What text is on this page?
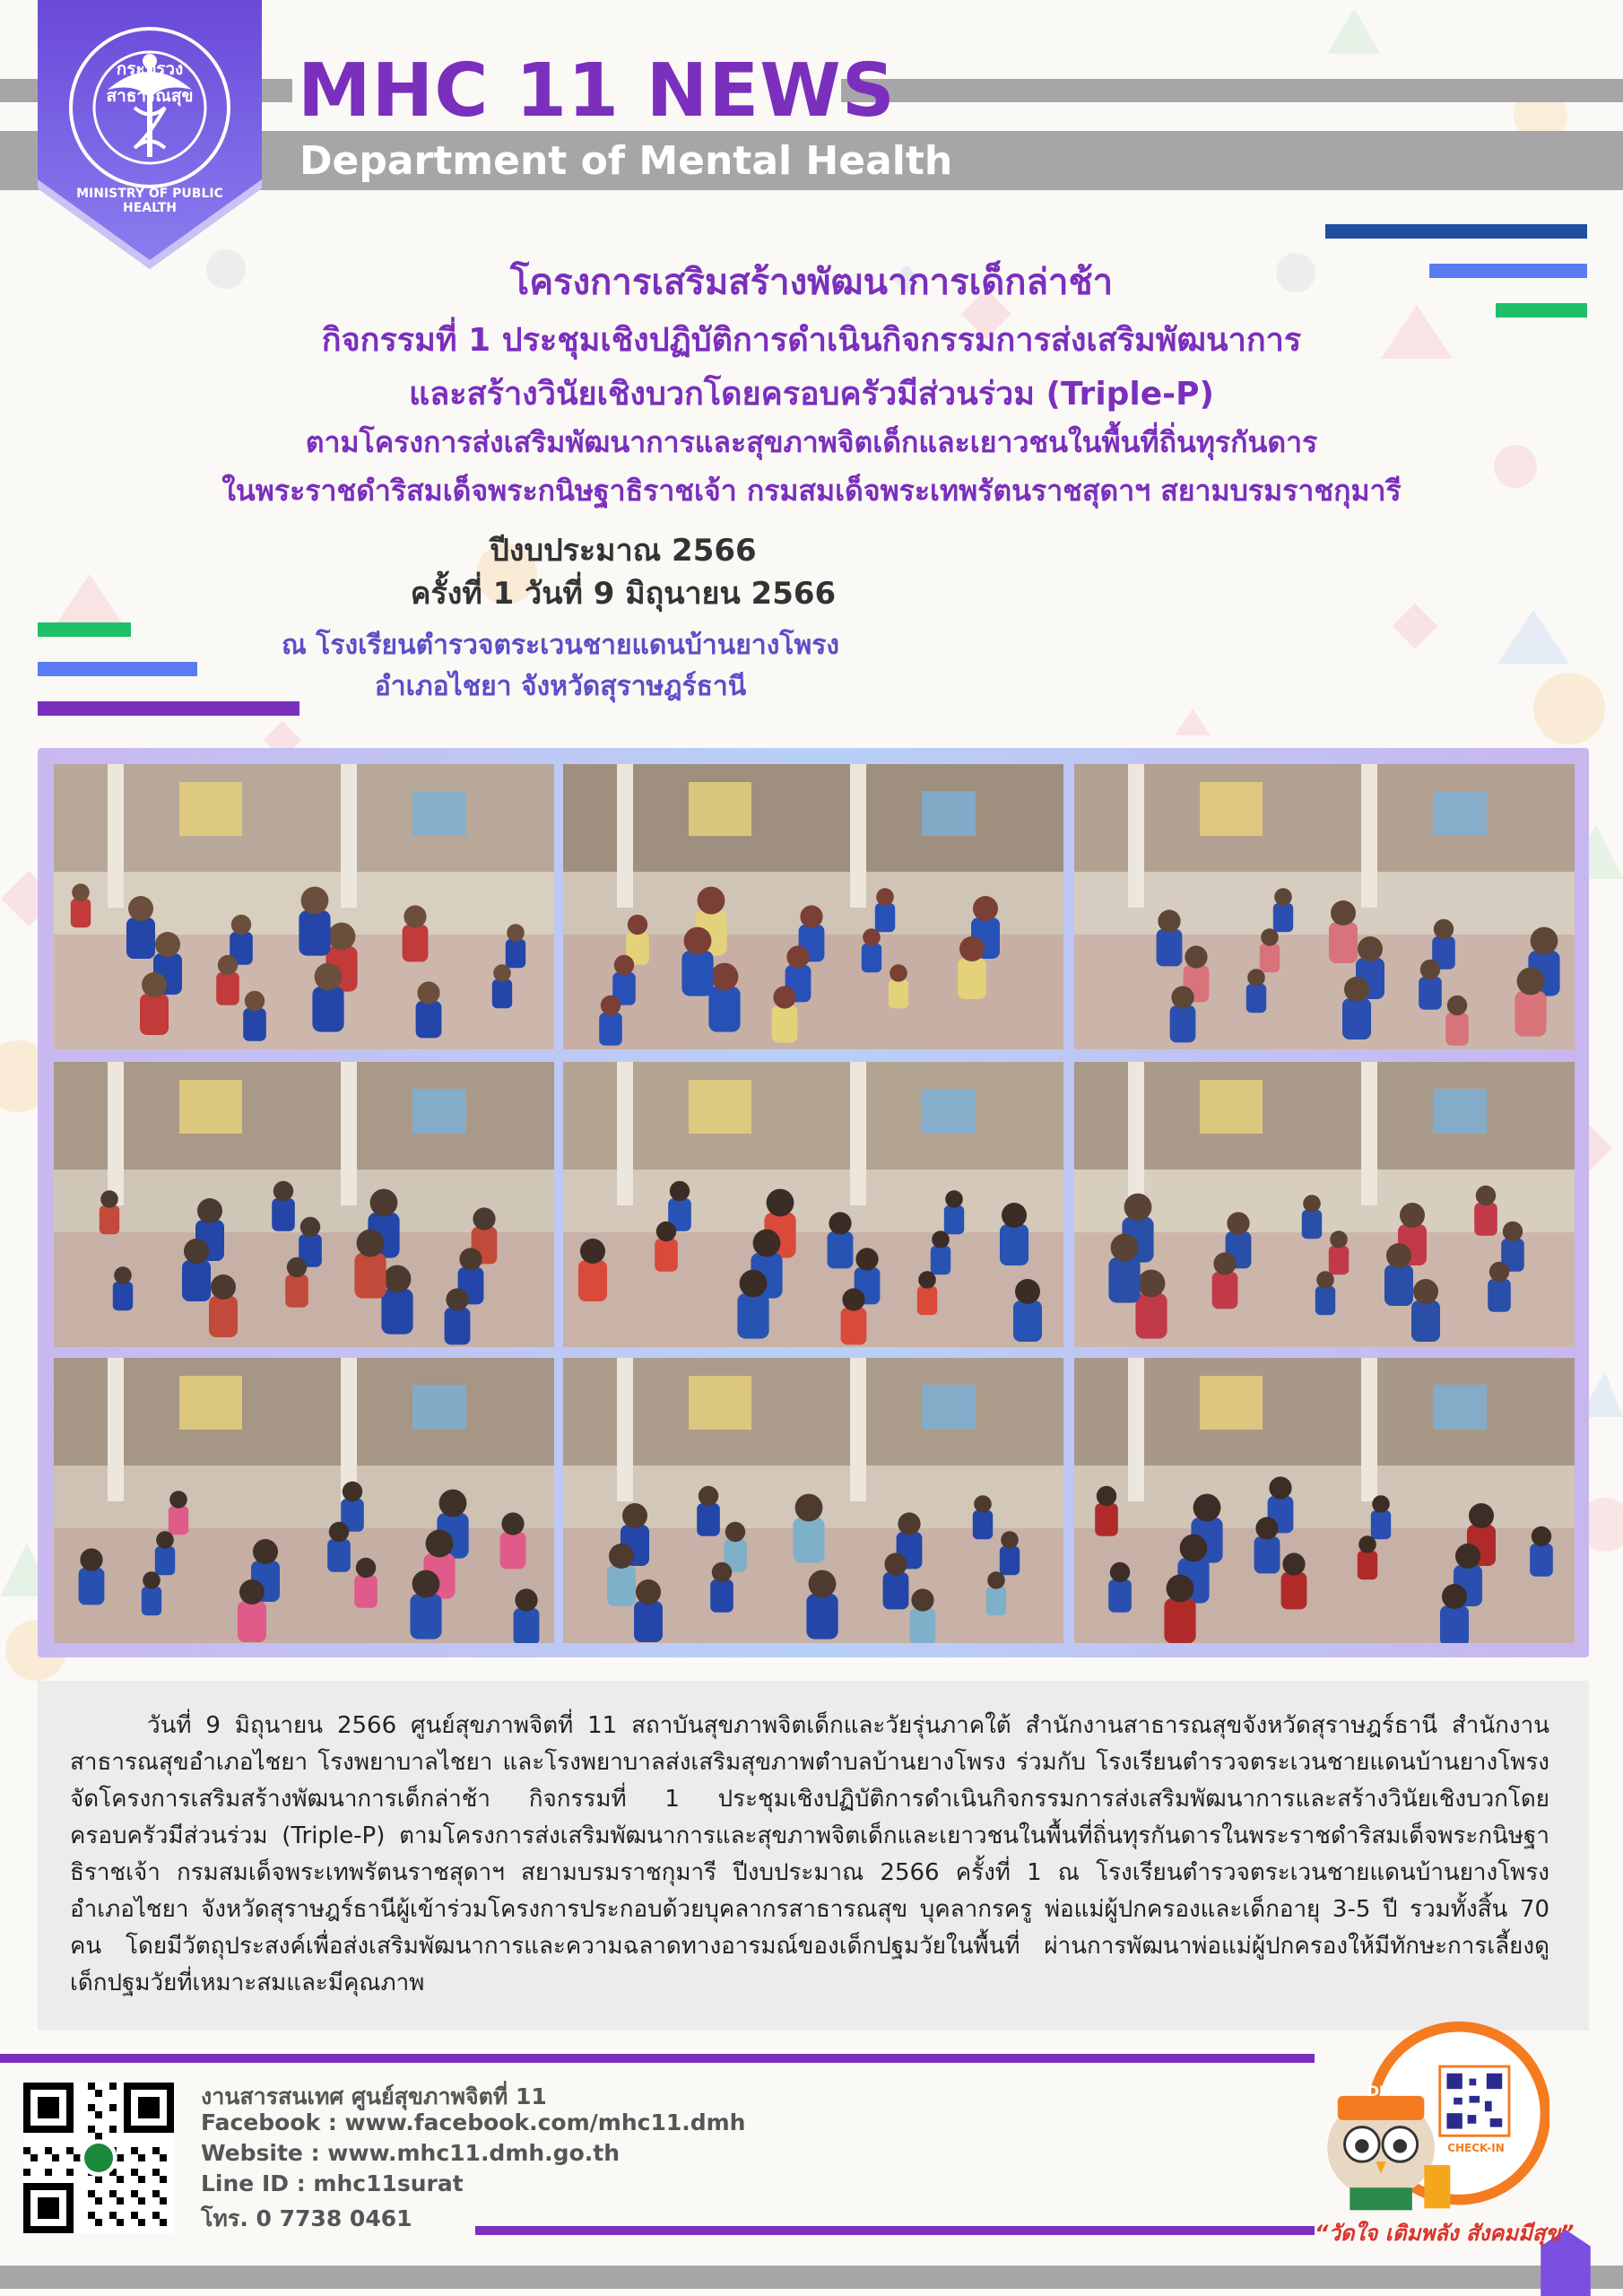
กระทรวงสาธารณสุข
MINISTRY OF PUBLIC HEALTH
MHC 11 NEWS
Department of Mental Health
โครงการเสริมสร้างพัฒนาการเด็กล่าช้า
กิจกรรมที่ 1 ประชุมเชิงปฏิบัติการดำเนินกิจกรรมการส่งเสริมพัฒนาการ
และสร้างวินัยเชิงบวกโดยครอบครัวมีส่วนร่วม (Triple-P)
ตามโครงการส่งเสริมพัฒนาการและสุขภาพจิตเด็กและเยาวชนในพื้นที่ถิ่นทุรกันดาร
ในพระราชดำริสมเด็จพระกนิษฐาธิราชเจ้า กรมสมเด็จพระเทพรัตนราชสุดาฯ สยามบรมราชกุมารี
ปีงบประมาณ 2566
ครั้งที่ 1 วันที่ 9 มิถุนายน 2566
ณ โรงเรียนตำรวจตระเวนชายแดนบ้านยางโพรง
อำเภอไชยา จังหวัดสุราษฎร์ธานี
วันที่ 9 มิถุนายน 2566 ศูนย์สุขภาพจิตที่ 11 สถาบันสุขภาพจิตเด็กและวัยรุ่นภาคใต้ สำนักงานสาธารณสุขจังหวัดสุราษฎร์ธานี สำนักงานสาธารณสุขอำเภอไชยา โรงพยาบาลไชยา และโรงพยาบาลส่งเสริมสุขภาพตำบลบ้านยางโพรง ร่วมกับ โรงเรียนตำรวจตระเวนชายแดนบ้านยางโพรง จัดโครงการเสริมสร้างพัฒนาการเด็กล่าช้า กิจกรรมที่ 1 ประชุมเชิงปฏิบัติการดำเนินกิจกรรมการส่งเสริมพัฒนาการและสร้างวินัยเชิงบวกโดยครอบครัวมีส่วนร่วม (Triple-P) ตามโครงการส่งเสริมพัฒนาการและสุขภาพจิตเด็กและเยาวชนในพื้นที่ถิ่นทุรกันดารในพระราชดำริสมเด็จพระกนิษฐาธิราชเจ้า กรมสมเด็จพระเทพรัตนราชสุดาฯ สยามบรมราชกุมารี ปีงบประมาณ 2566 ครั้งที่ 1 ณ โรงเรียนตำรวจตระเวนชายแดนบ้านยางโพรง อำเภอไชยา จังหวัดสุราษฎร์ธานีผู้เข้าร่วมโครงการประกอบด้วยบุคลากรสาธารณสุข บุคลากรครู พ่อแม่ผู้ปกครองและเด็กอายุ 3-5 ปี รวมทั้งสิ้น 70 คน โดยมีวัตถุประสงค์เพื่อส่งเสริมพัฒนาการและความฉลาดทางอารมณ์ของเด็กปฐมวัยในพื้นที่ ผ่านการพัฒนาพ่อแม่ผู้ปกครองให้มีทักษะการเลี้ยงดูเด็กปฐมวัยที่เหมาะสมและมีคุณภาพ
งานสารสนเทศ ศูนย์สุขภาพจิตที่ 11
Facebook : www.facebook.com/mhc11.dmh
Website : www.mhc11.dmh.go.th
Line ID : mhc11surat
โทร. 0 7738 0461
DMH
CHECK-IN
“วัดใจ เติมพลัง สังคมมีสุข”
